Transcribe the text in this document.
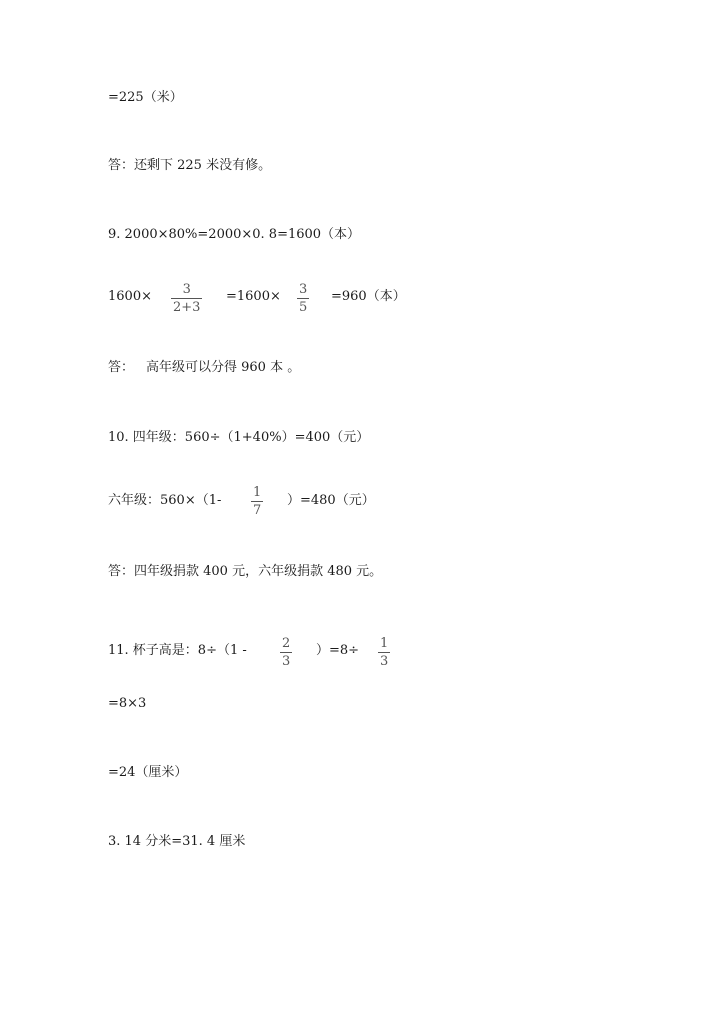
=225（米）
答：还剩下 225 米没有修。
9. 2000×80%=2000×0. 8=1600（本）
1600× 3
2+3
=1600× 3
5
=960（本）
答： 高年级可以分得 960 本 。
10. 四年级：560÷（1+40%）=400（元）
六年级：560×（1-
1
7
）=480（元）
答：四年级捐款 400 元，六年级捐款 480 元。
11. 杯子高是：8÷（1 -	2
3
）=8÷ 1
3
=8×3
=24（厘米）
3. 14 分米=31. 4 厘米
